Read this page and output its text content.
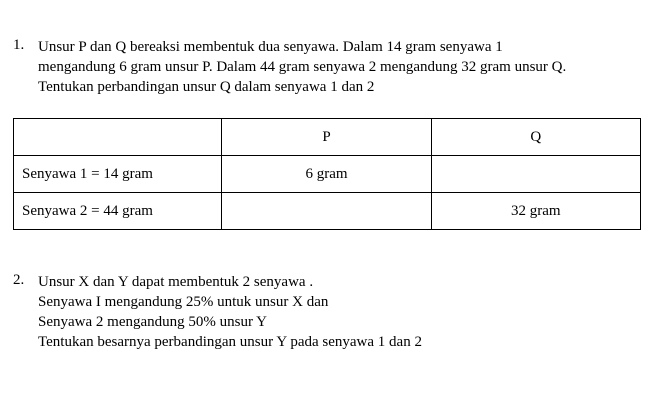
1. Unsur P dan Q bereaksi membentuk dua senyawa. Dalam 14 gram senyawa 1
mengandung 6 gram unsur P. Dalam 44 gram senyawa 2 mengandung 32 gram unsur Q.
Tentukan perbandingan unsur Q dalam senyawa 1 dan 2
	P	Q
Senyawa 1 = 14 gram	6 gram	
Senyawa 2 = 44 gram		32 gram
2. Unsur X dan Y dapat membentuk 2 senyawa .
Senyawa I mengandung 25% untuk unsur X dan
Senyawa 2 mengandung 50% unsur Y
Tentukan besarnya perbandingan unsur Y pada senyawa 1 dan 2
